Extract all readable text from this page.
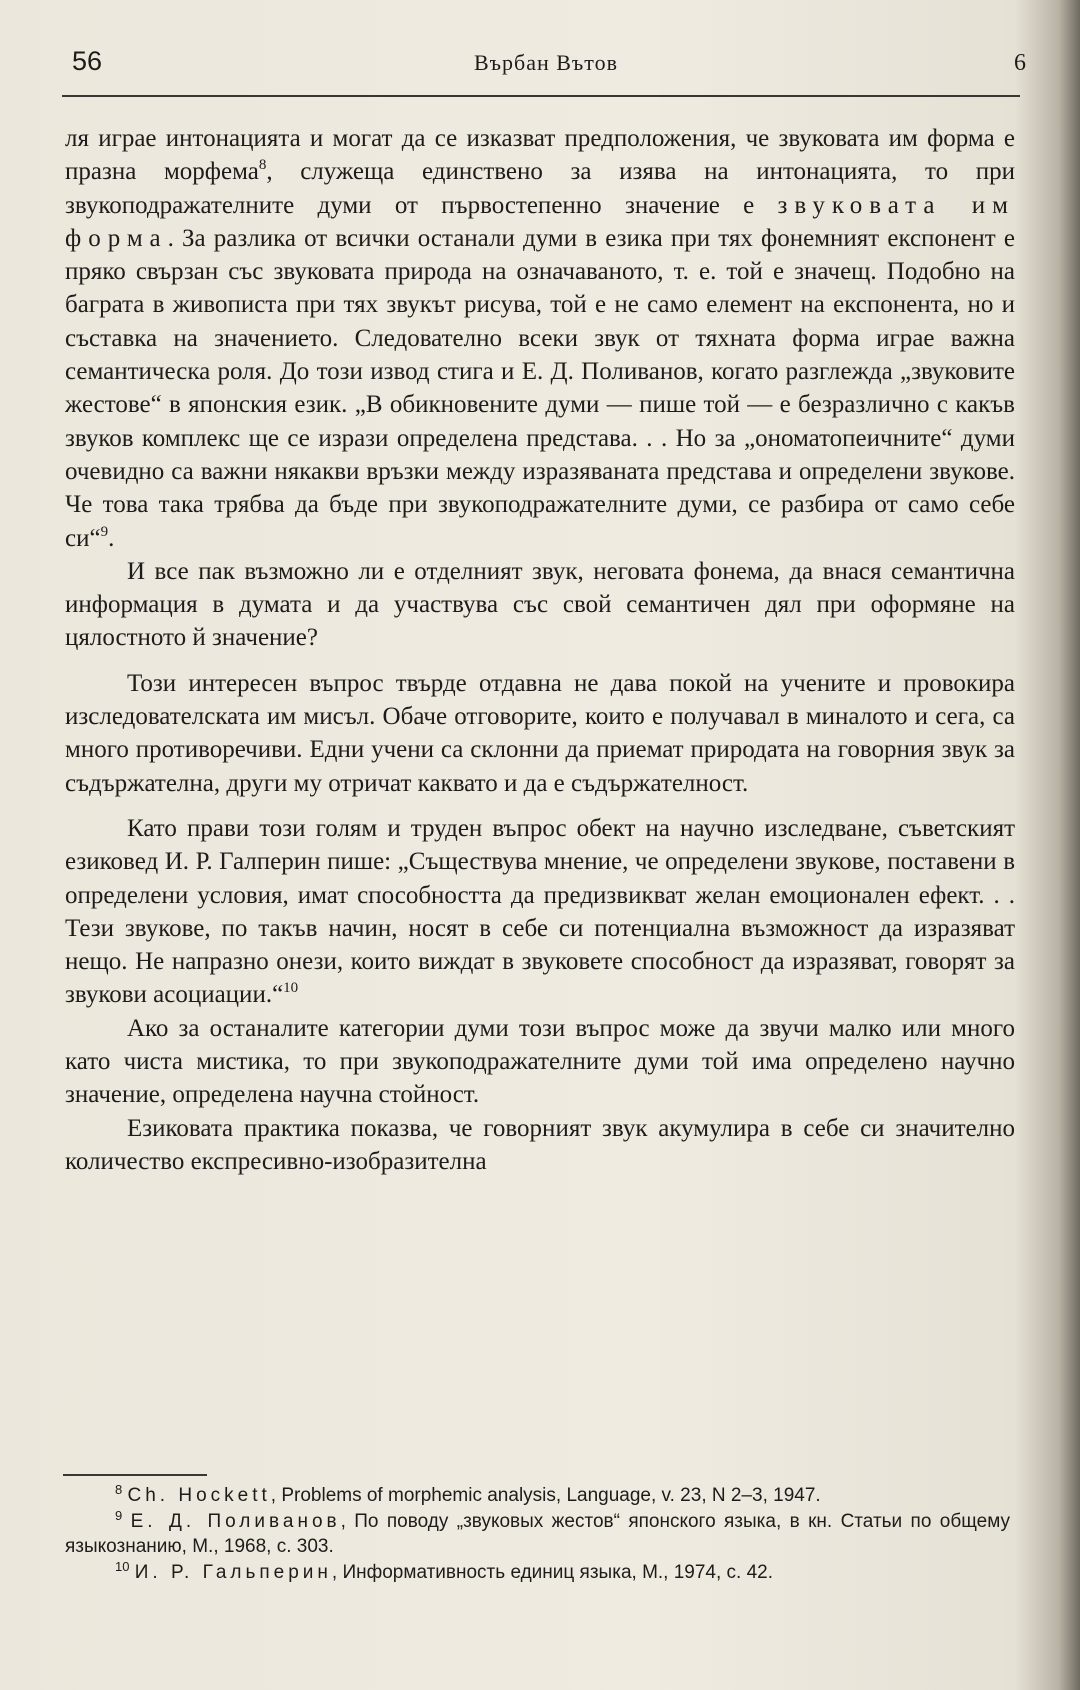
56	Върбан Вътов	6

ля играе интонацията и могат да се изказват предположения, че звуковата им форма е празна морфема$^8$, служеща единствено за изява на интонацията, то при звукоподражателните думи от първостепенно значение е звуковата им форма. За разлика от всички останали думи в езика при тях фонемният експонент е пряко свързан със звуковата природа на означаваното, т. е. той е значещ. Подобно на баграта в живописта при тях звукът рисува, той е не само елемент на експонента, но и съставка на значението. Следователно всеки звук от тяхната форма играе важна семантическа роля. До този извод стига и Е. Д. Поливанов, когато разглежда „звуковите жестове“ в японския език. „В обикновените думи — пише той — е безразлично с какъв звуков комплекс ще се изрази определена представа. . . Но за „ономатопеичните“ думи очевидно са важни някакви връзки между изразяваната представа и определени звукове. Че това така трябва да бъде при звукоподражателните думи, се разбира от само себе си“$^9$.

И все пак възможно ли е отделният звук, неговата фонема, да внася семантична информация в думата и да участвува със свой семантичен дял при оформяне на цялостното й значение?

Този интересен въпрос твърде отдавна не дава покой на учените и провокира изследователската им мисъл. Обаче отговорите, които е получавал в миналото и сега, са много противоречиви. Едни учени са склонни да приемат природата на говорния звук за съдържателна, други му отричат каквато и да е съдържателност.

Като прави този голям и труден въпрос обект на научно изследване, съветският езиковед И. Р. Галперин пише: „Съществува мнение, че определени звукове, поставени в определени условия, имат способността да предизвикват желан емоционален ефект. . . Тези звукове, по такъв начин, носят в себе си потенциална възможност да изразяват нещо. Не напразно онези, които виждат в звуковете способност да изразяват, говорят за звукови асоциации.“$^{10}$

Ако за останалите категории думи този въпрос може да звучи малко или много като чиста мистика, то при звукоподражателните думи той има определено научно значение, определена научна стойност.

Езиковата практика показва, че говорният звук акумулира в себе си значително количество експресивно-изобразителна

$^8$ Ch. Hockett, Problems of morphemic analysis, Language, v. 23, N 2–3, 1947.

$^9$ Е. Д. Поливанов, По поводу „звуковых жестов“ японского языка, в кн. Статьи по общему языкознанию, М., 1968, с. 303.

$^{10}$ И. Р. Гальперин, Информативность единиц языка, М., 1974, с. 42.
